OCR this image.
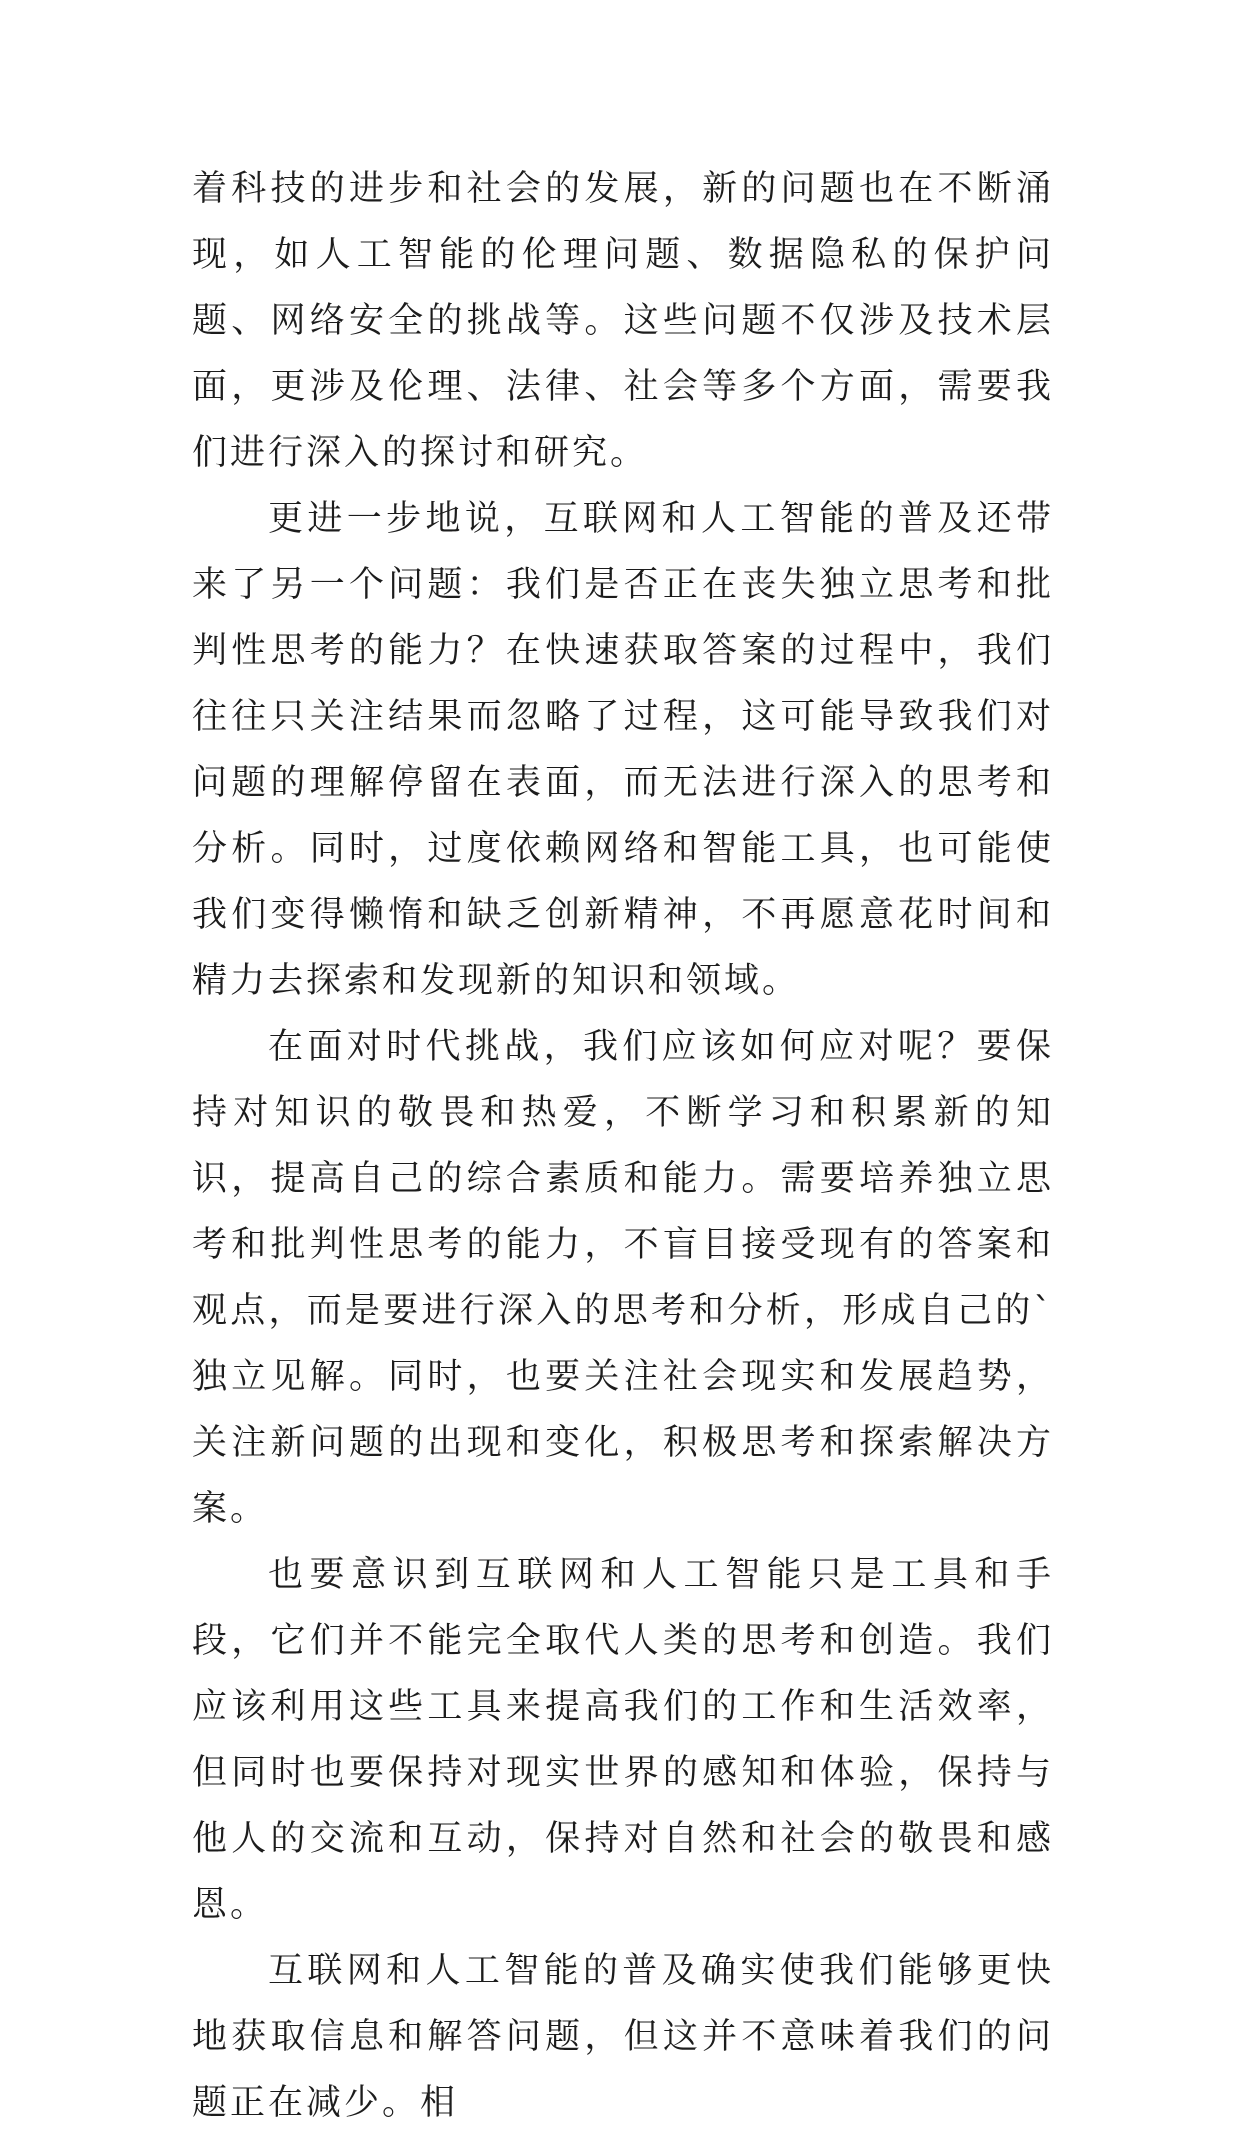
着科技的进步和社会的发展，新的问题也在不断涌现，如人工智能的伦理问题、数据隐私的保护问题、网络安全的挑战等。这些问题不仅涉及技术层面，更涉及伦理、法律、社会等多个方面，需要我们进行深入的探讨和研究。

更进一步地说，互联网和人工智能的普及还带来了另一个问题：我们是否正在丧失独立思考和批判性思考的能力？在快速获取答案的过程中，我们往往只关注结果而忽略了过程，这可能导致我们对问题的理解停留在表面，而无法进行深入的思考和分析。同时，过度依赖网络和智能工具，也可能使我们变得懒惰和缺乏创新精神，不再愿意花时间和精力去探索和发现新的知识和领域。

在面对时代挑战，我们应该如何应对呢？要保持对知识的敬畏和热爱，不断学习和积累新的知识，提高自己的综合素质和能力。需要培养独立思考和批判性思考的能力，不盲目接受现有的答案和观点，而是要进行深入的思考和分析，形成自己的`独立见解。同时，也要关注社会现实和发展趋势，关注新问题的出现和变化，积极思考和探索解决方案。

也要意识到互联网和人工智能只是工具和手段，它们并不能完全取代人类的思考和创造。我们应该利用这些工具来提高我们的工作和生活效率，但同时也要保持对现实世界的感知和体验，保持与他人的交流和互动，保持对自然和社会的敬畏和感恩。

互联网和人工智能的普及确实使我们能够更快地获取信息和解答问题，但这并不意味着我们的问题正在减少。相
